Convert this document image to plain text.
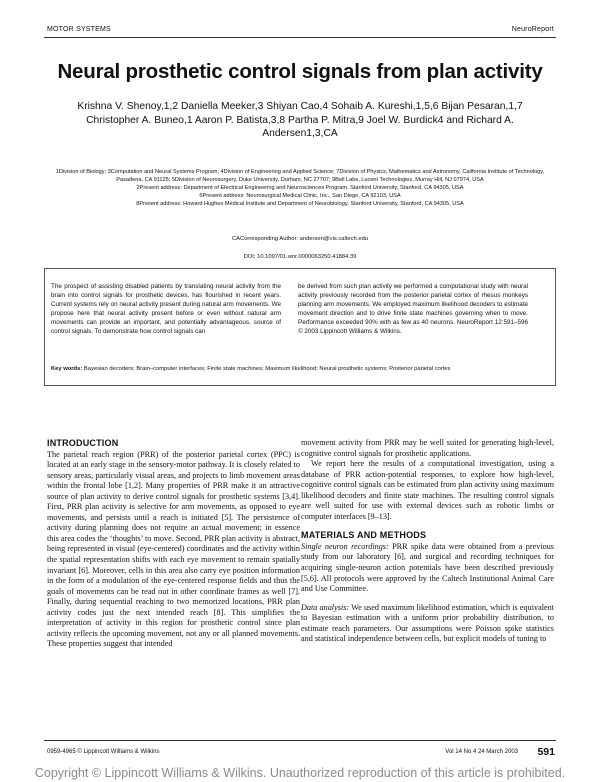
MOTOR SYSTEMS	NeuroReport
Neural prosthetic control signals from plan activity
Krishna V. Shenoy,1,2 Daniella Meeker,3 Shiyan Cao,4 Sohaib A. Kureshi,1,5,6 Bijan Pesaran,1,7 Christopher A. Buneo,1 Aaron P. Batista,3,8 Partha P. Mitra,9 Joel W. Burdick4 and Richard A. Andersen1,3,CA
1Division of Biology; 3Computation and Neural Systems Program; 4Division of Engineering and Applied Science; 7Division of Physics, Mathematics and Astronomy, California Institute of Technology, Pasadena, CA 91125; 5Division of Neurosurgery, Duke University, Durham, NC 27707; 9Bell Labs, Lucent Technologies, Murray Hill, NJ 07974, USA
2Present address: Department of Electrical Engineering and Neurosciences Program, Stanford University, Stanford, CA 94305, USA
6Present address: Neurosurgical Medical Clinic, Inc., San Diego, CA 92103, USA
8Present address: Howard Hughes Medical Institute and Department of Neurobiology, Stanford University, Stanford, CA 94305, USA
CACorresponding Author: andersen@vis.caltech.edu
DOI: 10.1097/01.wnr.0000063250.41884.39
The prospect of assisting disabled patients by translating neural activity from the brain into control signals for prosthetic devices, has flourished in recent years. Current systems rely on neural activity present during natural arm movements. We propose here that neural activity present before or even without natural arm movements can provide an important, and potentially advantageous, source of control signals. To demonstrate how control signals can
be derived from such plan activity we performed a computational study with neural activity previously recorded from the posterior parietal cortex of rhesus monkeys planning arm movements. We employed maximum likelihood decoders to estimate movement direction and to drive finite state machines governing when to move. Performance exceeded 90% with as few as 40 neurons. NeuroReport 12:591–596 © 2003 Lippincott Williams & Wilkins.
Key words: Bayesian decoders; Brain–computer interfaces; Finite state machines; Maximum likelihood; Neural prosthetic systems; Posterior parietal cortex
INTRODUCTION

The parietal reach region (PRR) of the posterior parietal cortex (PPC) is located at an early stage in the sensory-motor pathway. It is closely related to sensory areas, particularly visual areas, and projects to limb movement areas within the frontal lobe [1,2]. Many properties of PRR make it an attractive source of plan activity to derive control signals for prosthetic systems [3,4]. First, PRR plan activity is selective for arm movements, as opposed to eye movements, and persists until a reach is initiated [5]. The persistence of activity during planning does not require an actual movement; in essence this area codes the ‘thoughts’ to move. Second, PRR plan activity is abstract, being represented in visual (eye-centered) coordinates and the activity within the spatial representation shifts with each eye movement to remain spatially invariant [6]. Moreover, cells in this area also carry eye position information in the form of a modulation of the eye-centered response fields and thus the goals of movements can be read out in other coordinate frames as well [7]. Finally, during sequential reaching to two memorized locations, PRR plan activity codes just the next intended reach [8]. This simplifies the interpretation of activity in this region for prosthetic control since plan activity reflects the upcoming movement, not any or all planned movements. These properties suggest that intended

movement activity from PRR may be well suited for generating high-level, cognitive control signals for prosthetic applications.

We report here the results of a computational investigation, using a database of PRR action-potential responses, to explore how high-level, cognitive control signals can be estimated from plan activity using maximum likelihood decoders and finite state machines. The resulting control signals are well suited for use with external devices such as robotic limbs or computer interfaces [9–13].

MATERIALS AND METHODS

Single neuron recordings: PRR spike data were obtained from a previous study from our laboratory [6], and surgical and recording techniques for acquiring single-neuron action potentials have been described previously [5,6]. All protocols were approved by the Caltech Institutional Animal Care and Use Committee.

Data analysis: We used maximum likelihood estimation, which is equivalent to Bayesian estimation with a uniform prior probability distribution, to estimate reach parameters. Our assumptions were Poisson spike statistics and statistical independence between cells, but explicit models of tuning to

0959-4965 © Lippincott Williams & Wilkins	Vol 14 No 4 24 March 2003 591
Copyright © Lippincott Williams & Wilkins. Unauthorized reproduction of this article is prohibited.
